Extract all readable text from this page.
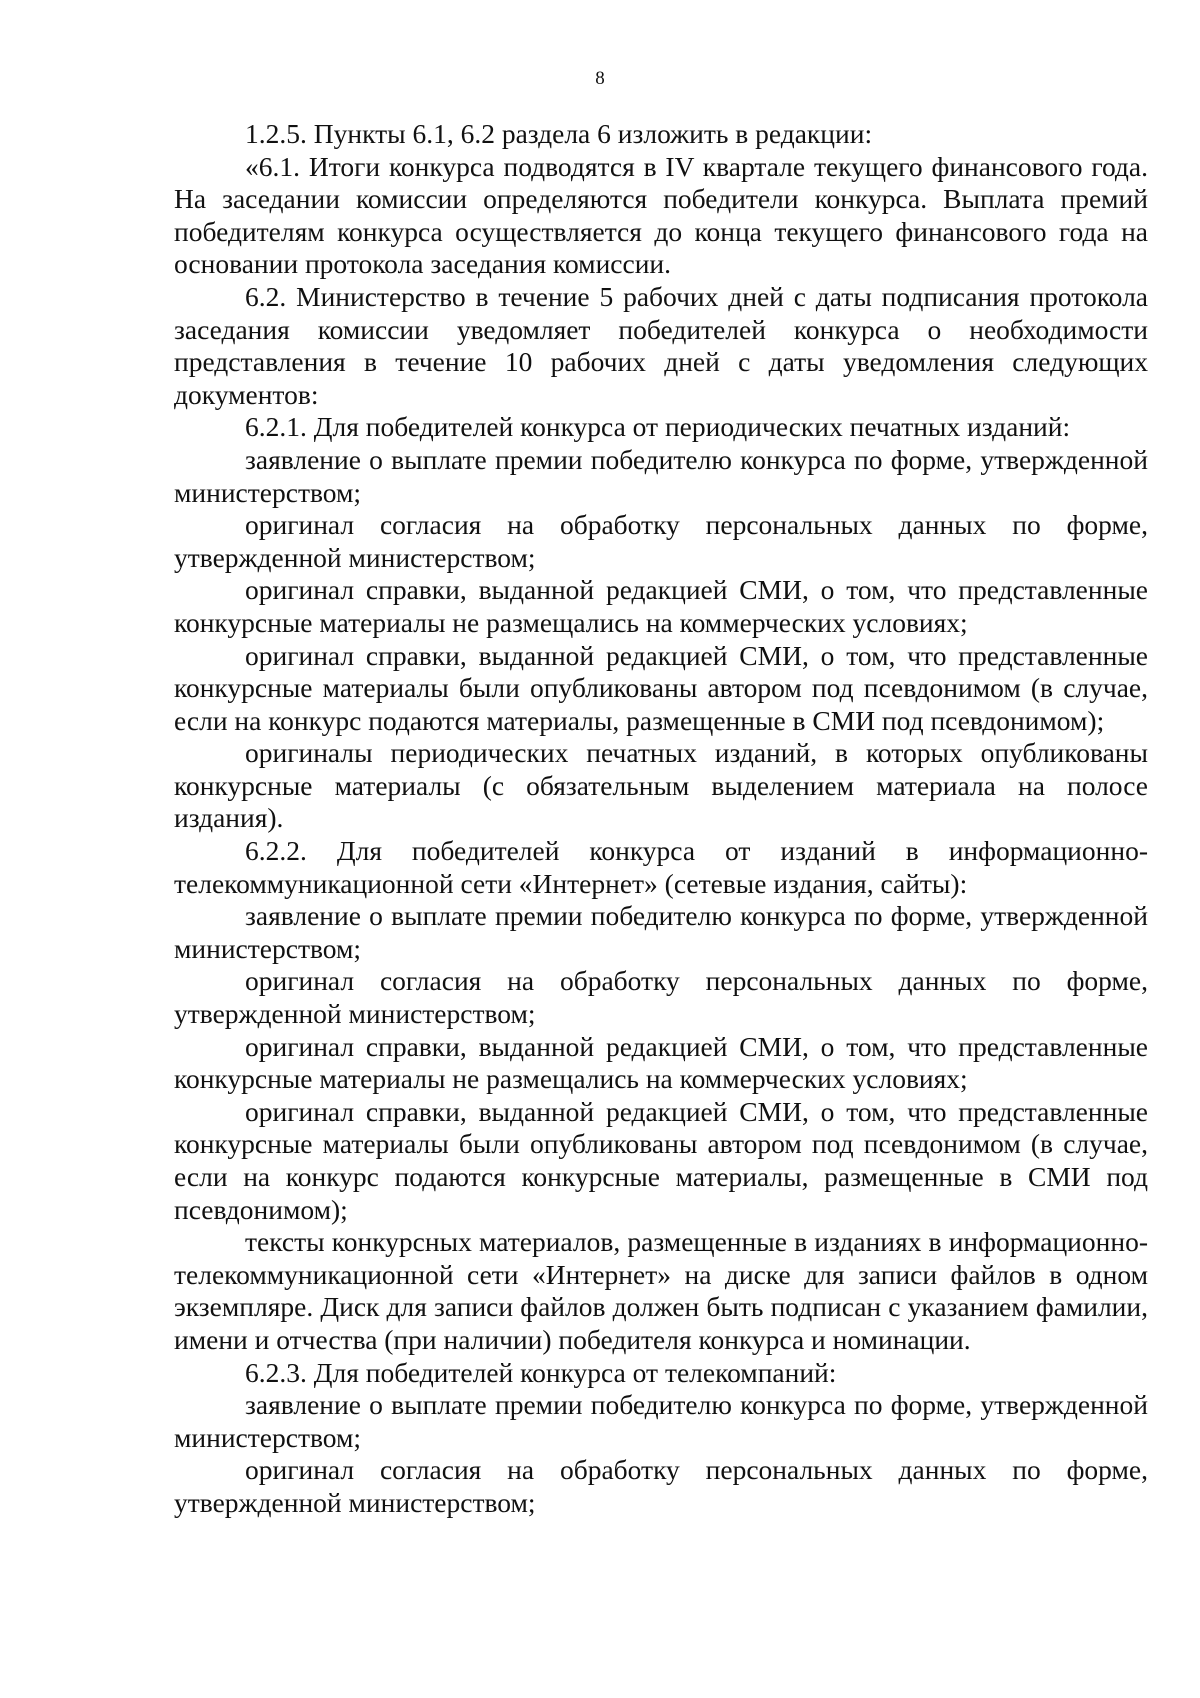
8

1.2.5. Пункты 6.1, 6.2 раздела 6 изложить в редакции:

«6.1. Итоги конкурса подводятся в IV квартале текущего финансового года. На заседании комиссии определяются победители конкурса. Выплата премий победителям конкурса осуществляется до конца текущего финансового года на основании протокола заседания комиссии.

6.2. Министерство в течение 5 рабочих дней с даты подписания протокола заседания комиссии уведомляет победителей конкурса о необходимости представления в течение 10 рабочих дней с даты уведомления следующих документов:

6.2.1. Для победителей конкурса от периодических печатных изданий:

заявление о выплате премии победителю конкурса по форме, утвержденной министерством;

оригинал согласия на обработку персональных данных по форме, утвержденной министерством;

оригинал справки, выданной редакцией СМИ, о том, что представленные конкурсные материалы не размещались на коммерческих условиях;

оригинал справки, выданной редакцией СМИ, о том, что представленные конкурсные материалы были опубликованы автором под псевдонимом (в случае, если на конкурс подаются материалы, размещенные в СМИ под псевдонимом);

оригиналы периодических печатных изданий, в которых опубликованы конкурсные материалы (с обязательным выделением материала на полосе издания).

6.2.2. Для победителей конкурса от изданий в информационно-телекоммуникационной сети «Интернет» (сетевые издания, сайты):

заявление о выплате премии победителю конкурса по форме, утвержденной министерством;

оригинал согласия на обработку персональных данных по форме, утвержденной министерством;

оригинал справки, выданной редакцией СМИ, о том, что представленные конкурсные материалы не размещались на коммерческих условиях;

оригинал справки, выданной редакцией СМИ, о том, что представленные конкурсные материалы были опубликованы автором под псевдонимом (в случае, если на конкурс подаются конкурсные материалы, размещенные в СМИ под псевдонимом);

тексты конкурсных материалов, размещенные в изданиях в информационно-телекоммуникационной сети «Интернет» на диске для записи файлов в одном экземпляре. Диск для записи файлов должен быть подписан с указанием фамилии, имени и отчества (при наличии) победителя конкурса и номинации.

6.2.3. Для победителей конкурса от телекомпаний:

заявление о выплате премии победителю конкурса по форме, утвержденной министерством;

оригинал согласия на обработку персональных данных по форме, утвержденной министерством;
